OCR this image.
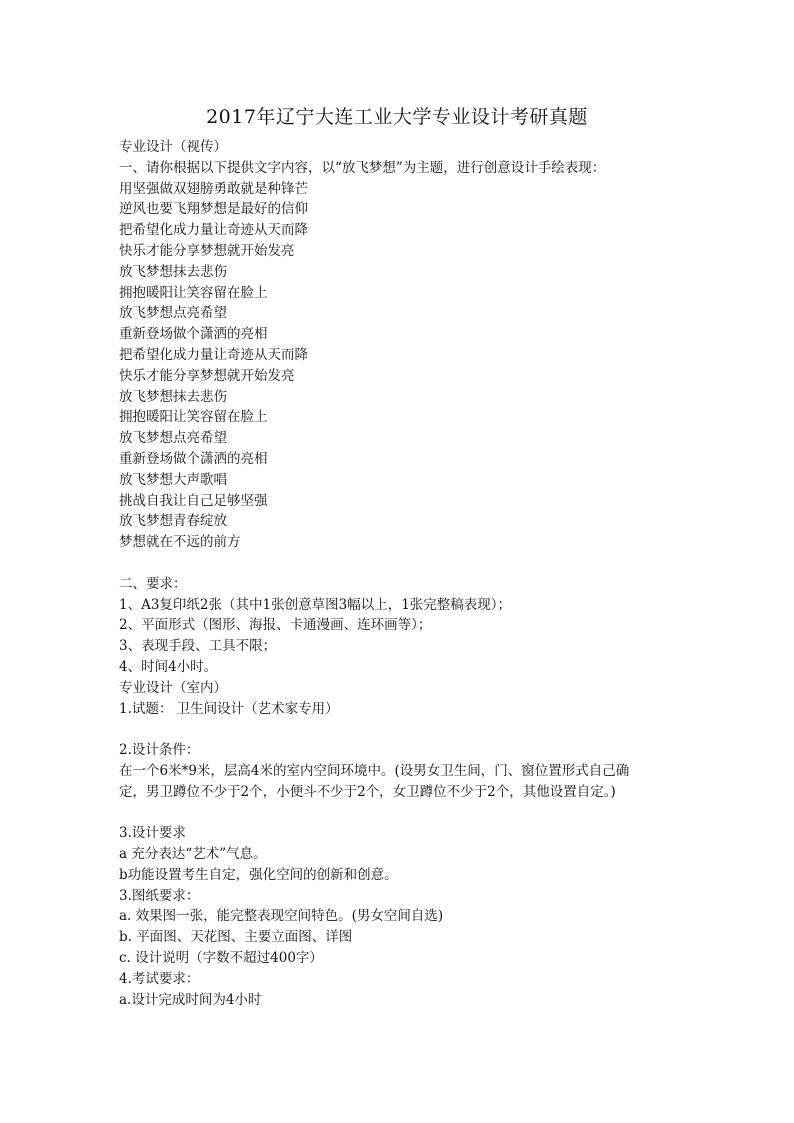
2017年辽宁大连工业大学专业设计考研真题
专业设计（视传）
一、请你根据以下提供文字内容，以“放飞梦想”为主题，进行创意设计手绘表现：
用坚强做双翅膀勇敢就是种锋芒
逆风也要飞翔梦想是最好的信仰
把希望化成力量让奇迹从天而降
快乐才能分享梦想就开始发亮
放飞梦想抹去悲伤
拥抱暖阳让笑容留在脸上
放飞梦想点亮希望
重新登场做个潇洒的亮相
把希望化成力量让奇迹从天而降
快乐才能分享梦想就开始发亮
放飞梦想抹去悲伤
拥抱暖阳让笑容留在脸上
放飞梦想点亮希望
重新登场做个潇洒的亮相
放飞梦想大声歌唱
挑战自我让自己足够坚强
放飞梦想青春绽放
梦想就在不远的前方
二、要求：
1、A3复印纸2张（其中1张创意草图3幅以上，1张完整稿表现）；
2、平面形式（图形、海报、卡通漫画、连环画等）；
3、表现手段、工具不限；
4、时间4小时。
专业设计（室内）
1.试题： 卫生间设计（艺术家专用）
2.设计条件：
在一个6米*9米，层高4米的室内空间环境中。(设男女卫生间，门、窗位置形式自己确
定，男卫蹲位不少于2个，小便斗不少于2个，女卫蹲位不少于2个，其他设置自定。)
3.设计要求
a 充分表达“艺术”气息。
b功能设置考生自定，强化空间的创新和创意。
3.图纸要求：
a. 效果图一张，能完整表现空间特色。(男女空间自选)
b. 平面图、天花图、主要立面图、详图
c. 设计说明（字数不超过400字）
4.考试要求：
a.设计完成时间为4小时
